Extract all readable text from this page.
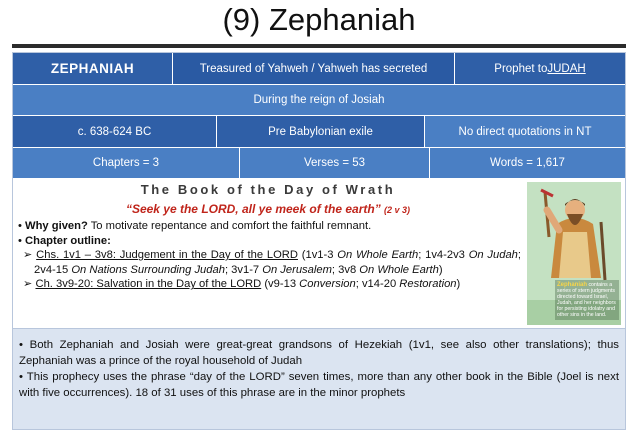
(9) Zephaniah
ZEPHANIAH	Treasured of Yahweh / Yahweh has secreted	Prophet to JUDAH
During the reign of Josiah
c. 638-624 BC	Pre Babylonian exile	No direct quotations in NT
Chapters = 3	Verses = 53	Words = 1,617
The Book of the Day of Wrath
“Seek ye the LORD, all ye meek of the earth” (2 v 3)

• Why given? To motivate repentance and comfort the faithful remnant.

• Chapter outline:

➢ Chs. 1v1 – 3v8: Judgement in the Day of the LORD (1v1-3 On Whole Earth; 1v4-2v3 On Judah; 2v4-15 On Nations Surrounding Judah; 3v1-7 On Jerusalem; 3v8 On Whole Earth)

➢ Ch. 3v9-20: Salvation in the Day of the LORD (v9-13 Conversion; v14-20 Restoration)	Zephaniah contains a series of stern judgments directed toward Israel, Judah, and her neighbors for persisting idolatry and other sins in the land.

• Both Zephaniah and Josiah were great-great grandsons of Hezekiah (1v1, see also other translations); thus Zephaniah was a prince of the royal household of Judah

• This prophecy uses the phrase “day of the LORD” seven times, more than any other book in the Bible (Joel is next with five occurrences). 18 of 31 uses of this phrase are in the minor prophets
